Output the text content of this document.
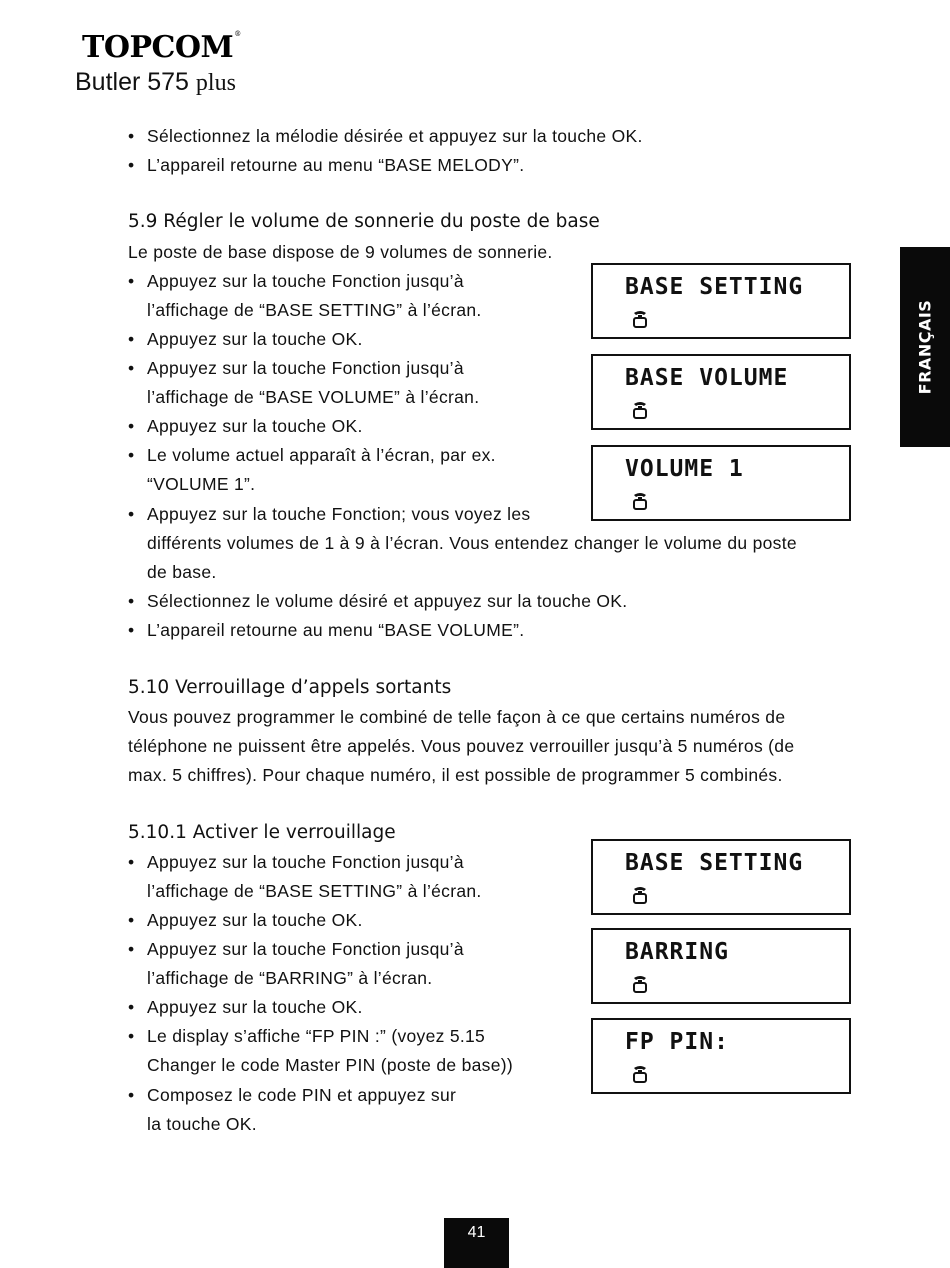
TOPCOM®
Butler 575 plus
• Sélectionnez la mélodie désirée et appuyez sur la touche OK.
• L’appareil retourne au menu “BASE MELODY”.
5.9 Régler le volume de sonnerie du poste de base
Le poste de base dispose de 9 volumes de sonnerie.
• Appuyez sur la touche Fonction jusqu’à
l’affichage de “BASE SETTING” à l’écran.
• Appuyez sur la touche OK.
• Appuyez sur la touche Fonction jusqu’à
l’affichage de “BASE VOLUME” à l’écran.
• Appuyez sur la touche OK.
• Le volume actuel apparaît à l’écran, par ex.
“VOLUME 1”.
• Appuyez sur la touche Fonction; vous voyez les
différents volumes de 1 à 9 à l’écran. Vous entendez changer le volume du poste
de base.
• Sélectionnez le volume désiré et appuyez sur la touche OK.
• L’appareil retourne au menu “BASE VOLUME”.
BASE SETTING
BASE VOLUME
VOLUME 1
5.10 Verrouillage d’appels sortants
Vous pouvez programmer le combiné de telle façon à ce que certains numéros de
téléphone ne puissent être appelés. Vous pouvez verrouiller jusqu’à 5 numéros (de
max. 5 chiffres). Pour chaque numéro, il est possible de programmer 5 combinés.
5.10.1 Activer le verrouillage
• Appuyez sur la touche Fonction jusqu’à
l’affichage de “BASE SETTING” à l’écran.
• Appuyez sur la touche OK.
• Appuyez sur la touche Fonction jusqu’à
l’affichage de “BARRING” à l’écran.
• Appuyez sur la touche OK.
• Le display s’affiche “FP PIN :” (voyez 5.15
Changer le code Master PIN (poste de base))
• Composez le code PIN et appuyez sur
la touche OK.
BASE SETTING
BARRING
FP PIN:
FRANÇAIS
41
